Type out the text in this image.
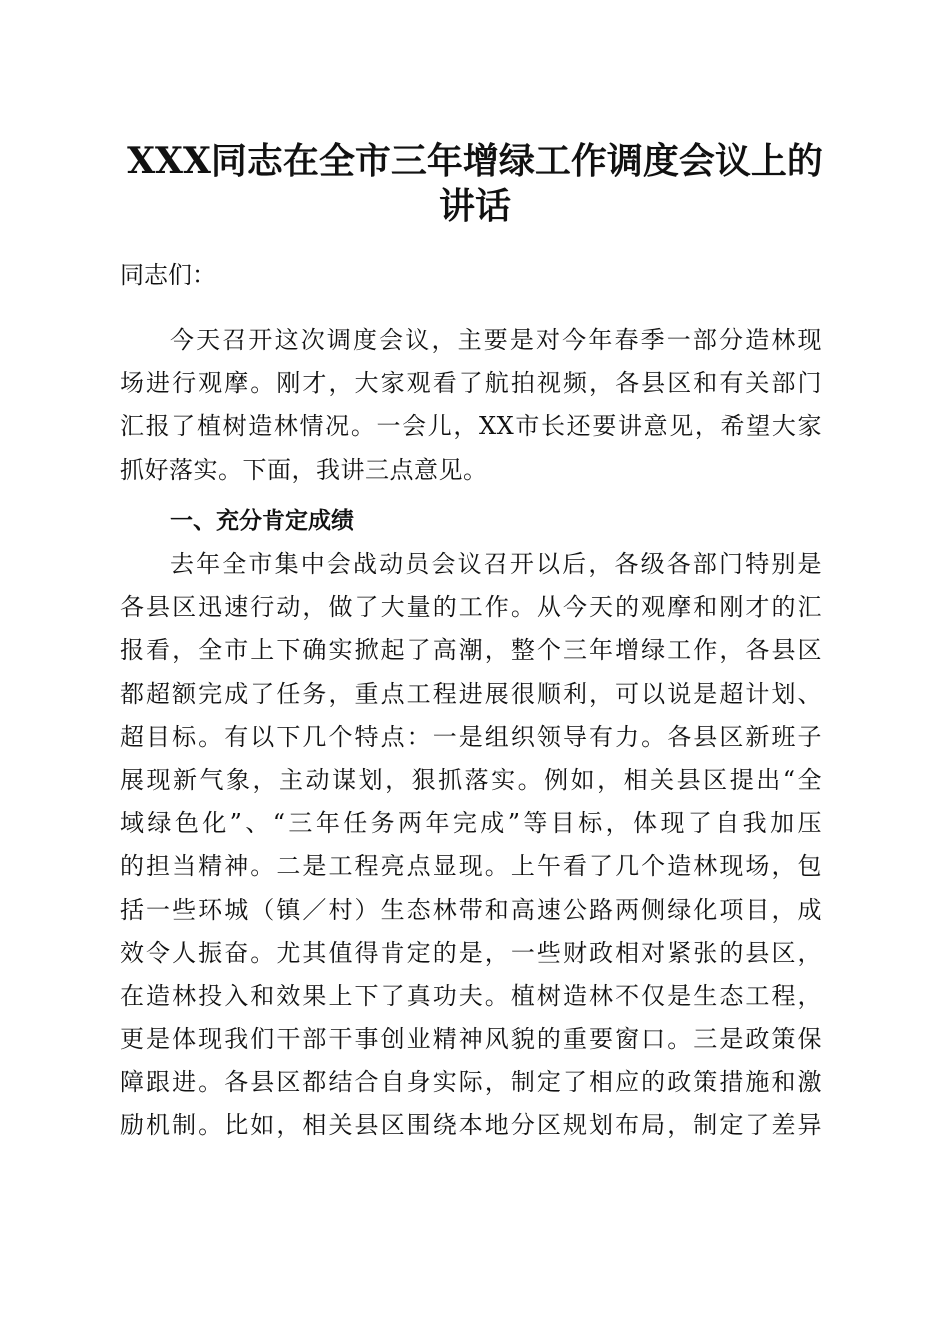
XXX同志在全市三年增绿工作调度会议上的
讲话
同志们：
今天召开这次调度会议，主要是对今年春季一部分造林现
场进行观摩。刚才，大家观看了航拍视频，各县区和有关部门
汇报了植树造林情况。一会儿，XX市长还要讲意见，希望大家
抓好落实。下面，我讲三点意见。
一、充分肯定成绩
去年全市集中会战动员会议召开以后，各级各部门特别是
各县区迅速行动，做了大量的工作。从今天的观摩和刚才的汇
报看，全市上下确实掀起了高潮，整个三年增绿工作，各县区
都超额完成了任务，重点工程进展很顺利，可以说是超计划、
超目标。有以下几个特点：一是组织领导有力。各县区新班子
展现新气象，主动谋划，狠抓落实。例如，相关县区提出“全
域绿色化”、“三年任务两年完成”等目标，体现了自我加压
的担当精神。二是工程亮点显现。上午看了几个造林现场，包
括一些环城（镇／村）生态林带和高速公路两侧绿化项目，成
效令人振奋。尤其值得肯定的是，一些财政相对紧张的县区，
在造林投入和效果上下了真功夫。植树造林不仅是生态工程，
更是体现我们干部干事创业精神风貌的重要窗口。三是政策保
障跟进。各县区都结合自身实际，制定了相应的政策措施和激
励机制。比如，相关县区围绕本地分区规划布局，制定了差异
